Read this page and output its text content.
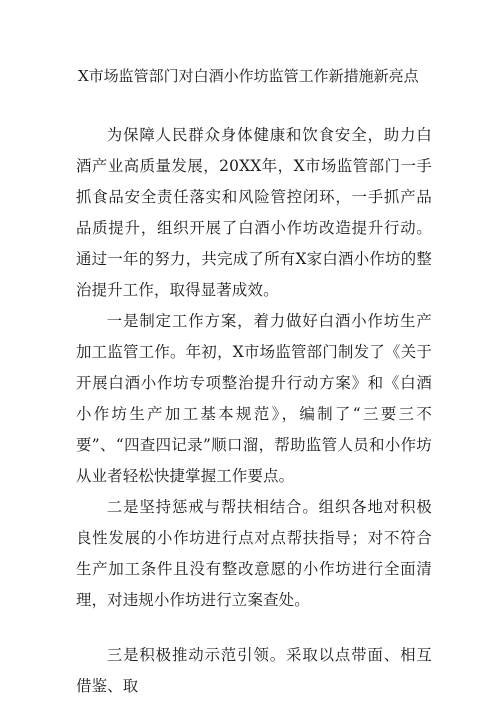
X市场监管部门对白酒小作坊监管工作新措施新亮点

为保障人民群众身体健康和饮食安全，助力白酒产业高质量发展，20XX年，X市场监管部门一手抓食品安全责任落实和风险管控闭环，一手抓产品品质提升，组织开展了白酒小作坊改造提升行动。通过一年的努力，共完成了所有X家白酒小作坊的整治提升工作，取得显著成效。

一是制定工作方案，着力做好白酒小作坊生产加工监管工作。年初，X市场监管部门制发了《关于开展白酒小作坊专项整治提升行动方案》和《白酒小作坊生产加工基本规范》，编制了“三要三不要”、“四查四记录”顺口溜，帮助监管人员和小作坊从业者轻松快捷掌握工作要点。

二是坚持惩戒与帮扶相结合。组织各地对积极良性发展的小作坊进行点对点帮扶指导；对不符合生产加工条件且没有整改意愿的小作坊进行全面清理，对违规小作坊进行立案查处。

三是积极推动示范引领。采取以点带面、相互借鉴、取
